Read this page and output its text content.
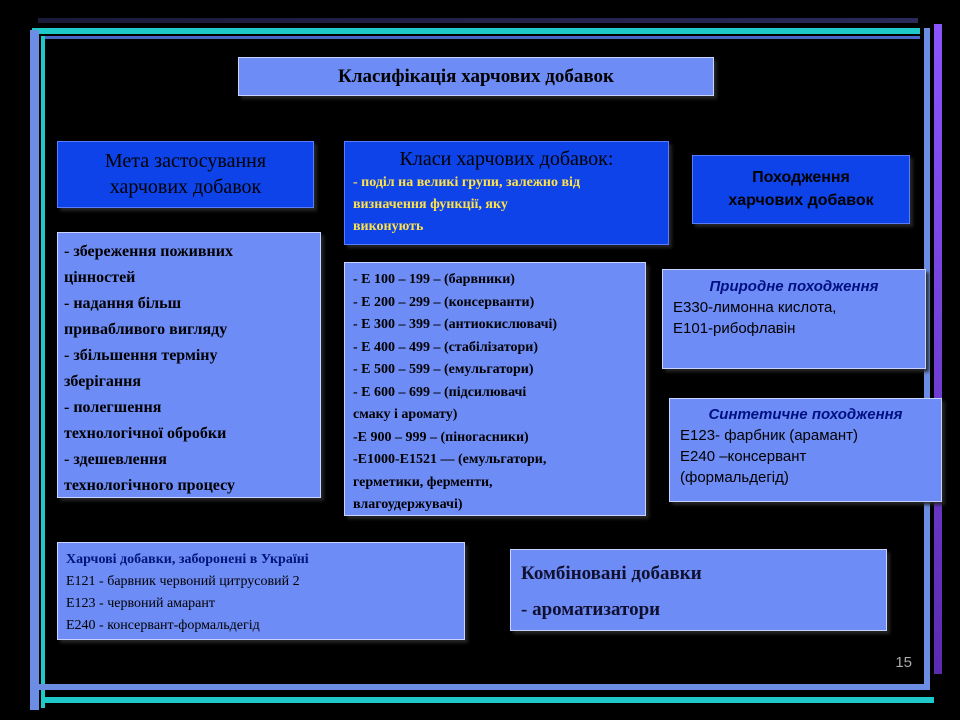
Класифікація харчових добавок
Мета застосування
харчових добавок
- збереження поживних
цінностей
- надання більш
привабливого вигляду
- збільшення терміну
зберігання
- полегшення
технологічної обробки
- здешевлення
технологічного процесу
Класи харчових добавок:
- поділ на великі групи, залежно від
визначення функції, яку
виконують
- Е 100 – 199 – (барвники)
- Е 200 – 299 – (консерванти)
- Е 300 – 399 – (антиокислювачі)
- Е 400 – 499 – (стабілізатори)
- Е 500 – 599 – (емульгатори)
- Е 600 – 699 – (підсилювачі
смаку і аромату)
-Е 900 – 999 – (піногасники)
-Е1000-Е1521 — (емульгатори,
герметики, ферменти,
влагоудержувачі)
Походження
харчових добавок
Природне походження
Е330-лимонна кислота,
Е101-рибофлавін
Синтетичне походження
Е123- фарбник (арамант)
Е240 –консервант
(формальдегід)
Харчові добавки, заборонені в Україні
Е121 - барвник червоний цитрусовий 2
Е123 - червоний амарант
Е240 - консервант-формальдегід
Комбіновані добавки
- ароматизатори
15
